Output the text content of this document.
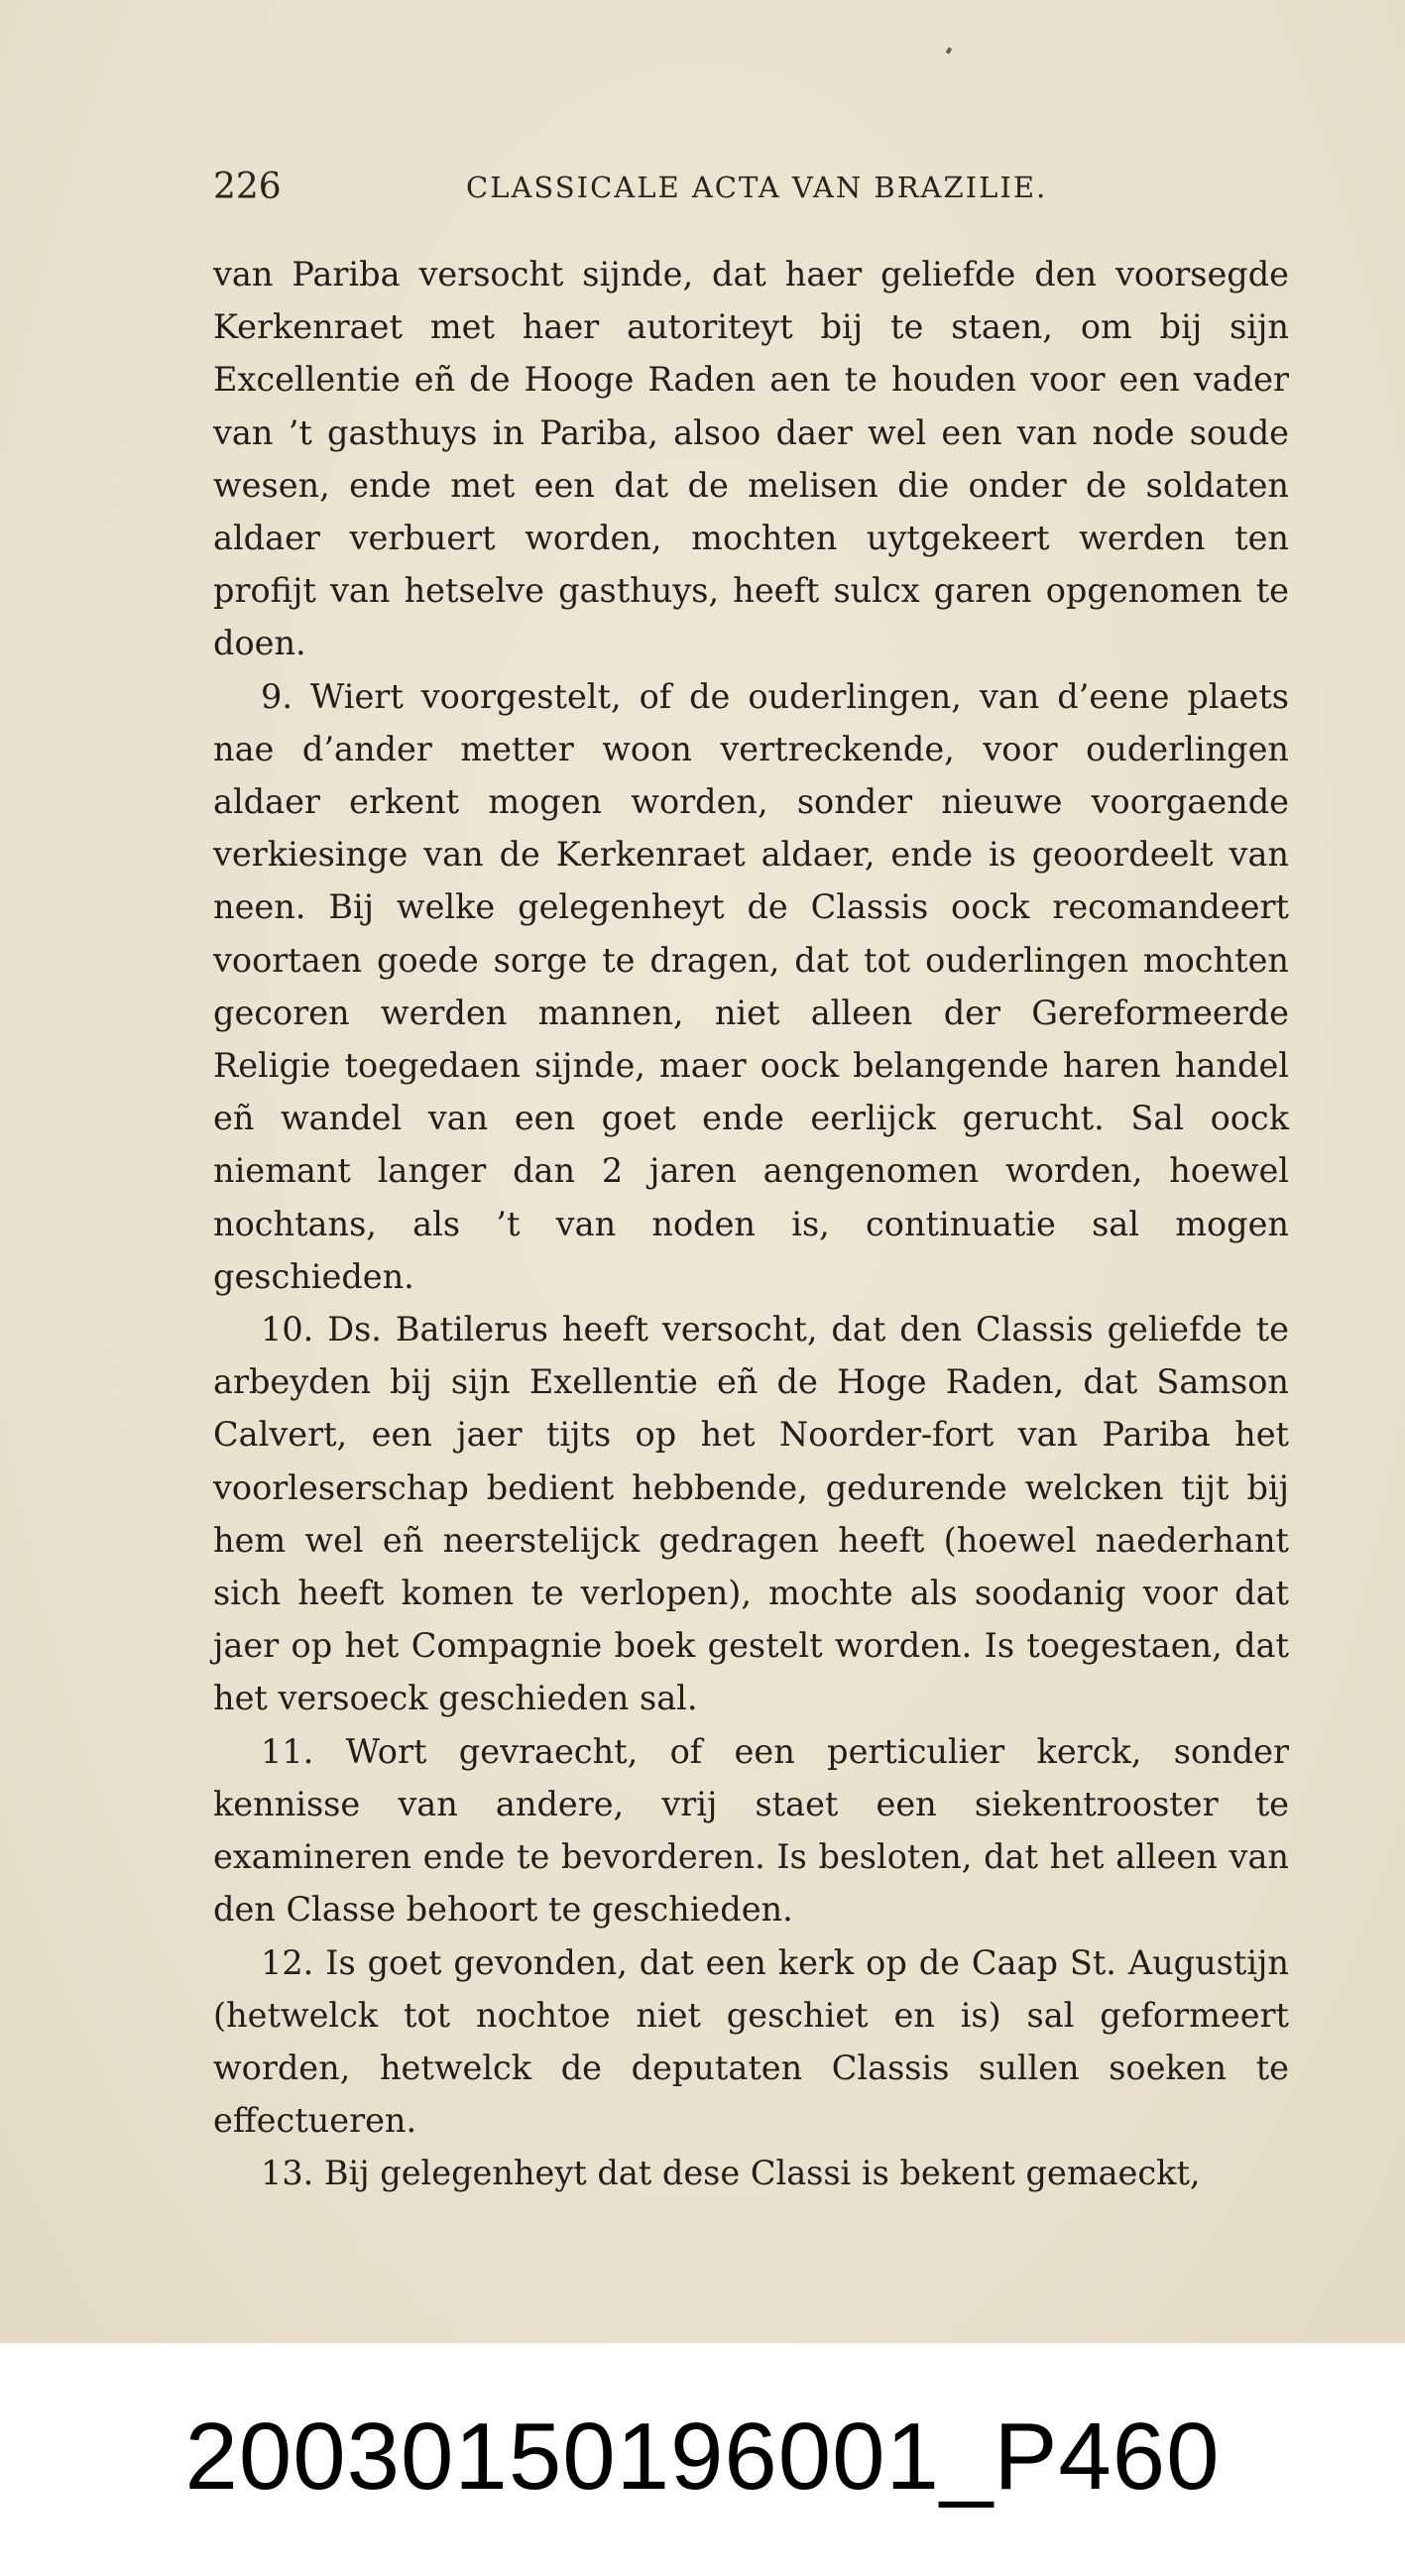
226	CLASSICALE ACTA VAN BRAZILIE.

van Pariba versocht sijnde, dat haer geliefde den voorsegde Kerkenraet met haer autoriteyt bij te staen, om bij sijn Excellentie eñ de Hooge Raden aen te houden voor een vader van ’t gasthuys in Pariba, alsoo daer wel een van node soude wesen, ende met een dat de melisen die onder de soldaten aldaer verbuert worden, mochten uytgekeert werden ten profijt van hetselve gasthuys, heeft sulcx garen opgenomen te doen.

9. Wiert voorgestelt, of de ouderlingen, van d’eene plaets nae d’ander metter woon vertreckende, voor ouderlingen aldaer erkent mogen worden, sonder nieuwe voorgaende verkiesinge van de Kerkenraet aldaer, ende is geoordeelt van neen. Bij welke gelegenheyt de Classis oock recomandeert voortaen goede sorge te dragen, dat tot ouderlingen mochten gecoren werden mannen, niet alleen der Gereformeerde Religie toegedaen sijnde, maer oock belangende haren handel eñ wandel van een goet ende eerlijck gerucht. Sal oock niemant langer dan 2 jaren aengenomen worden, hoewel nochtans, als ’t van noden is, continuatie sal mogen geschieden.

10. Ds. Batilerus heeft versocht, dat den Classis geliefde te arbeyden bij sijn Exellentie eñ de Hoge Raden, dat Samson Calvert, een jaer tijts op het Noorder-fort van Pariba het voorleserschap bedient hebbende, gedurende welcken tijt bij hem wel eñ neerstelijck gedragen heeft (hoewel naederhant sich heeft komen te verlopen), mochte als soodanig voor dat jaer op het Compagnie boek gestelt worden. Is toegestaen, dat het versoeck geschieden sal.

11. Wort gevraecht, of een perticulier kerck, sonder kennisse van andere, vrij staet een siekentrooster te examineren ende te bevorderen. Is besloten, dat het alleen van den Classe behoort te geschieden.

12. Is goet gevonden, dat een kerk op de Caap St. Augustijn (hetwelck tot nochtoe niet geschiet en is) sal geformeert worden, hetwelck de deputaten Classis sullen soeken te effectueren.

13. Bij gelegenheyt dat dese Classi is bekent gemaeckt,

20030150196001_P460
